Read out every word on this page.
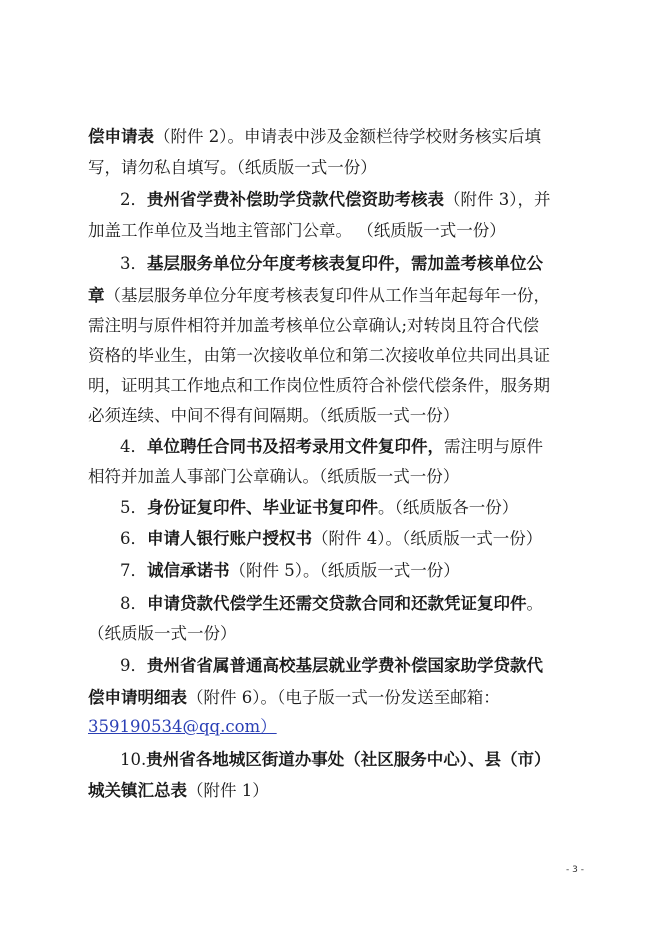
偿申请表（附件 2）。申请表中涉及金额栏待学校财务核实后填
写，请勿私自填写。（纸质版一式一份）
2．贵州省学费补偿助学贷款代偿资助考核表（附件 3），并
加盖工作单位及当地主管部门公章。 （纸质版一式一份）
3．基层服务单位分年度考核表复印件，需加盖考核单位公
章（基层服务单位分年度考核表复印件从工作当年起每年一份，
需注明与原件相符并加盖考核单位公章确认;对转岗且符合代偿
资格的毕业生，由第一次接收单位和第二次接收单位共同出具证
明，证明其工作地点和工作岗位性质符合补偿代偿条件，服务期
必须连续、中间不得有间隔期。（纸质版一式一份）
4．单位聘任合同书及招考录用文件复印件，需注明与原件
相符并加盖人事部门公章确认。（纸质版一式一份）
5．身份证复印件、毕业证书复印件。（纸质版各一份）
6．申请人银行账户授权书（附件 4）。（纸质版一式一份）
7．诚信承诺书（附件 5）。（纸质版一式一份）
8．申请贷款代偿学生还需交贷款合同和还款凭证复印件。
（纸质版一式一份）
9．贵州省省属普通高校基层就业学费补偿国家助学贷款代
偿申请明细表（附件 6）。（电子版一式一份发送至邮箱：
359190534@qq.com）
10.贵州省各地城区街道办事处（社区服务中心）、县（市）
城关镇汇总表（附件 1）
- 3 -
